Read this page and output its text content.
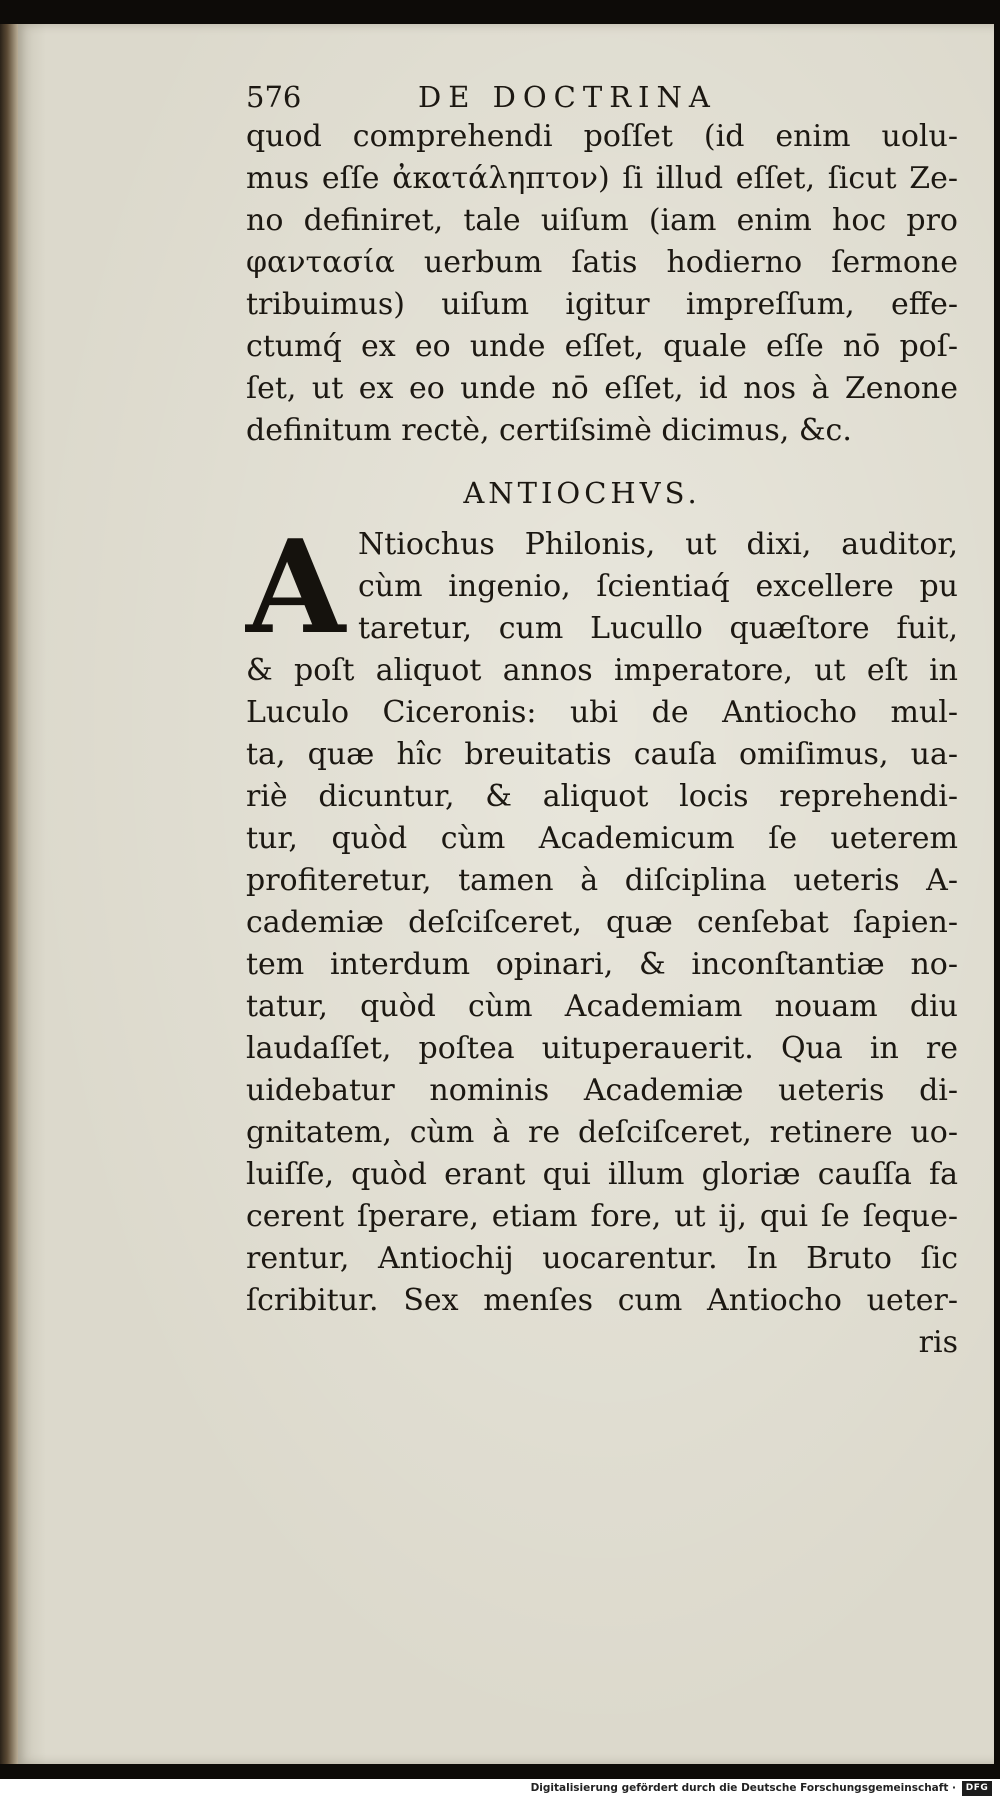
576	DE DOCTRINA
quod comprehendi poſſet (id enim uolu-
mus eſſe ἀκατάληπτον) ſi illud eſſet, ſicut Ze-
no definiret, tale uiſum (iam enim hoc pro
φαντασία uerbum ſatis hodierno ſermone
tribuimus) uiſum igitur impreſſum, effe-
ctumq́ ex eo unde eſſet, quale eſſe nō poſ-
ſet, ut ex eo unde nō eſſet, id nos à Zenone
definitum rectè, certiſsimè dicimus, &c.
ANTIOCHVS.
A Ntiochus Philonis, ut dixi, auditor,
cùm ingenio, ſcientiaq́ excellere pu
taretur, cum Lucullo quæſtore fuit,
& poſt aliquot annos imperatore, ut eſt in
Luculo Ciceronis: ubi de Antiocho mul-
ta, quæ hîc breuitatis cauſa omiſimus, ua-
riè dicuntur, & aliquot locis reprehendi-
tur, quòd cùm Academicum ſe ueterem
profiteretur, tamen à diſciplina ueteris A-
cademiæ deſciſceret, quæ cenſebat ſapien-
tem interdum opinari, & inconſtantiæ no-
tatur, quòd cùm Academiam nouam diu
laudaſſet, poſtea uituperauerit. Qua in re
uidebatur nominis Academiæ ueteris di-
gnitatem, cùm à re deſciſceret, retinere uo-
luiſſe, quòd erant qui illum gloriæ cauſſa fa
cerent ſperare, etiam fore, ut ij, qui ſe ſeque-
rentur, Antiochij uocarentur. In Bruto ſic
ſcribitur. Sex menſes cum Antiocho ueter-
ris
Digitalisierung gefördert durch die Deutsche Forschungsgemeinschaft ·	DFG
